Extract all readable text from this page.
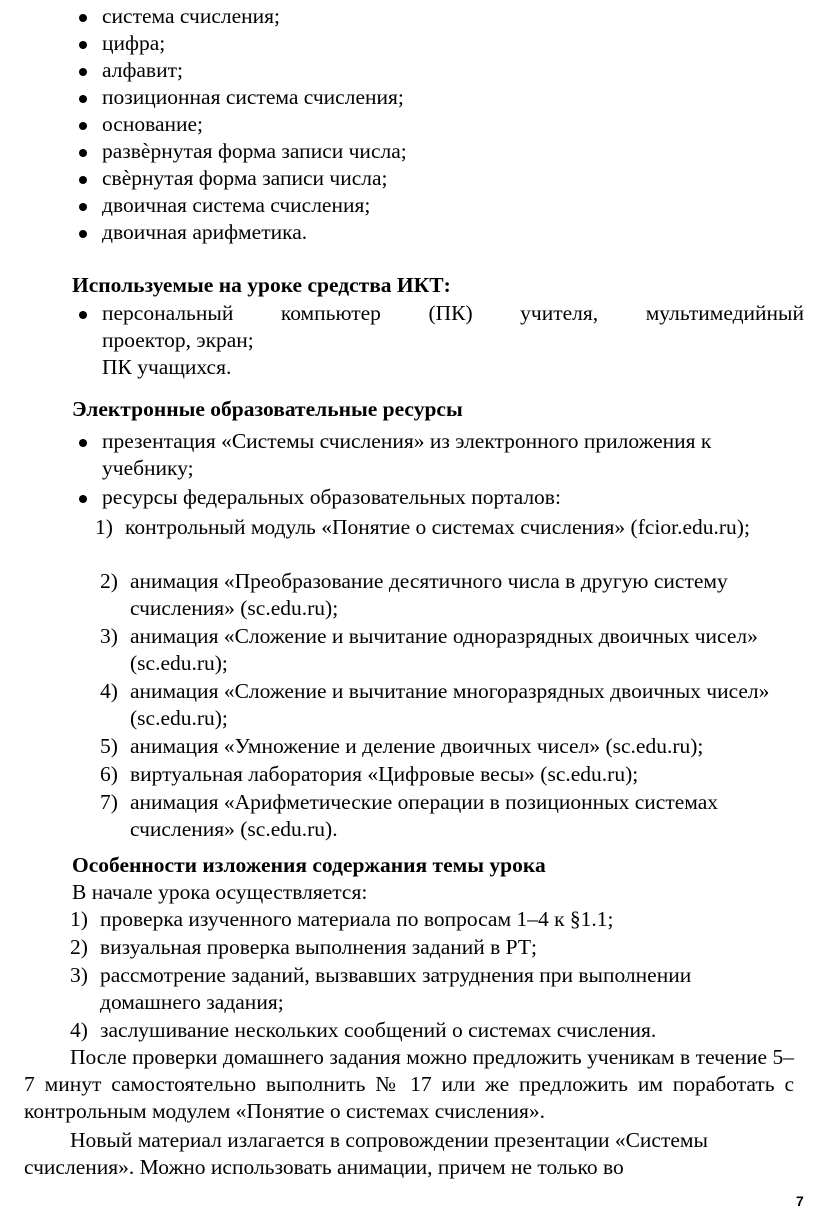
система счисления;
цифра;
алфавит;
позиционная система счисления;
основание;
развѐрнутая форма записи числа;
свѐрнутая форма записи числа;
двоичная система счисления;
двоичная арифметика.
Используемые на уроке средства ИКТ:
персональный компьютер (ПК) учителя, мультимедийный
проектор, экран;
ПК учащихся.
Электронные образовательные ресурсы
презентация «Системы счисления» из электронного приложения к учебнику;
ресурсы федеральных образовательных порталов:
1) контрольный модуль «Понятие о системах счисления» (fcior.edu.ru);
2) анимация «Преобразование десятичного числа в другую систему счисления» (sc.edu.ru);
3) анимация «Сложение и вычитание одноразрядных двоичных чисел» (sc.edu.ru);
4) анимация «Сложение и вычитание многоразрядных двоичных чисел» (sc.edu.ru);
5) анимация «Умножение и деление двоичных чисел» (sc.edu.ru);
6) виртуальная лаборатория «Цифровые весы» (sc.edu.ru);
7) анимация «Арифметические операции в позиционных системах счисления» (sc.edu.ru).
Особенности изложения содержания темы урока
В начале урока осуществляется:
1) проверка изученного материала по вопросам 1–4 к §1.1;
2) визуальная проверка выполнения заданий в РТ;
3) рассмотрение заданий, вызвавших затруднения при выполнении домашнего задания;
4) заслушивание нескольких сообщений о системах счисления.
После проверки домашнего задания можно предложить ученикам в течение 5–7 минут самостоятельно выполнить № 17 или же предложить им поработать с контрольным модулем «Понятие о системах счисления».
Новый материал излагается в сопровождении презентации «Системы счисления». Можно использовать анимации, причем не только во
7
